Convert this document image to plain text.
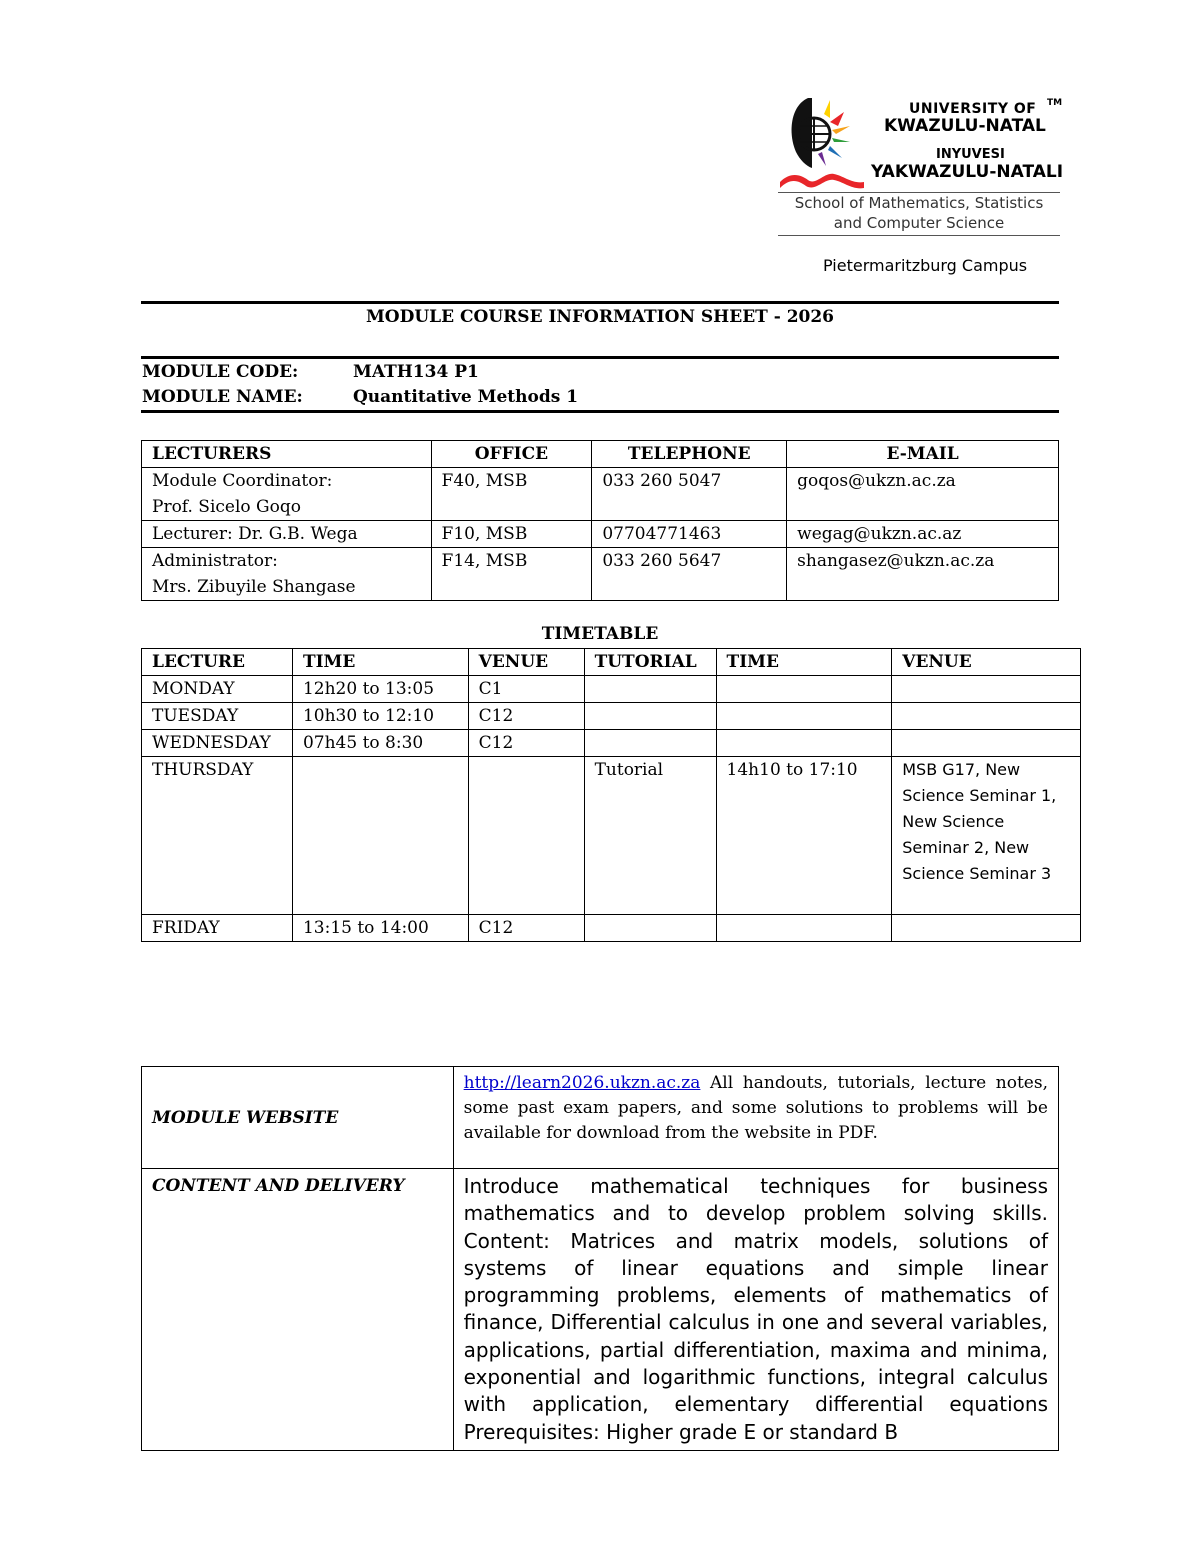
UNIVERSITY OF TM
KWAZULU-NATAL
INYUVESI
YAKWAZULU-NATALI
School of Mathematics, Statistics
and Computer Science
Pietermaritzburg Campus
MODULE COURSE INFORMATION SHEET - 2026
MODULE CODE:	MATH134 P1
MODULE NAME:	Quantitative Methods 1
LECTURERS	OFFICE	TELEPHONE	E-MAIL

Module Coordinator:
Prof. Sicelo Goqo	F40, MSB	033 260 5047	goqos@ukzn.ac.za
Lecturer: Dr. G.B. Wega	F10, MSB	07704771463	wegag@ukzn.ac.az

Administrator:
Mrs. Zibuyile Shangase	F14, MSB	033 260 5647	shangasez@ukzn.ac.za
TIMETABLE
LECTURE	TIME	VENUE	TUTORIAL	TIME	VENUE
MONDAY	12h20 to 13:05	C1			
TUESDAY	10h30 to 12:10	C12			
WEDNESDAY	07h45 to 8:30	C12			
THURSDAY			Tutorial	14h10 to 17:10	MSB G17, New Science Seminar 1, New Science Seminar 2, New Science Seminar 3
FRIDAY	13:15 to 14:00	C12			
MODULE WEBSITE	http://learn2026.ukzn.ac.za All handouts, tutorials, lecture notes, some past exam papers, and some solutions to problems will be available for download from the website in PDF.
CONTENT AND DELIVERY	Introduce mathematical techniques for business mathematics and to develop problem solving skills. Content: Matrices and matrix models, solutions of systems of linear equations and simple linear programming problems, elements of mathematics of finance, Differential calculus in one and several variables, applications, partial differentiation, maxima and minima, exponential and logarithmic functions, integral calculus with application, elementary differential equations Prerequisites: Higher grade E or standard B
